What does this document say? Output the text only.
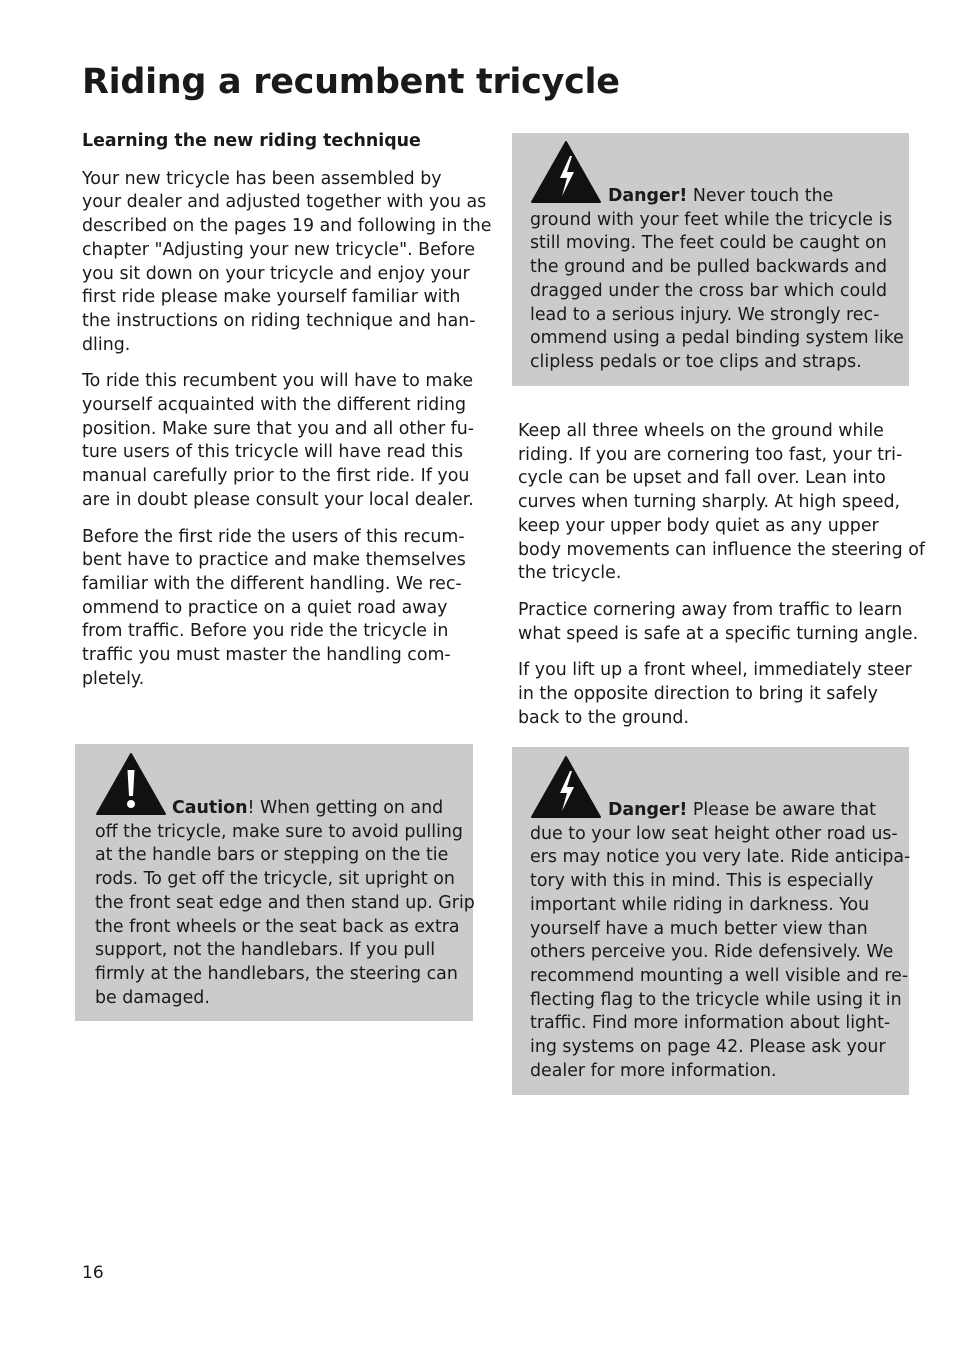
Riding a recumbent tricycle
Learning the new riding technique

Your new tricycle has been assembled by
your dealer and adjusted together with you as
described on the pages 19 and following in the
chapter "Adjusting your new tricycle". Before
you sit down on your tricycle and enjoy your
first ride please make yourself familiar with
the instructions on riding technique and han-
dling.

To ride this recumbent you will have to make
yourself acquainted with the different riding
position. Make sure that you and all other fu-
ture users of this tricycle will have read this
manual carefully prior to the first ride. If you
are in doubt please consult your local dealer.

Before the first ride the users of this recum-
bent have to practice and make themselves
familiar with the different handling. We rec-
ommend to practice on a quiet road away
from traffic. Before you ride the tricycle in
traffic you must master the handling com-
pletely.

Caution! When getting on and
off the tricycle, make sure to avoid pulling
at the handle bars or stepping on the tie
rods. To get off the tricycle, sit upright on
the front seat edge and then stand up. Grip
the front wheels or the seat back as extra
support, not the handlebars. If you pull
firmly at the handlebars, the steering can
be damaged.
Danger! Never touch the
ground with your feet while the tricycle is
still moving. The feet could be caught on
the ground and be pulled backwards and
dragged under the cross bar which could
lead to a serious injury. We strongly rec-
ommend using a pedal binding system like
clipless pedals or toe clips and straps.

Keep all three wheels on the ground while
riding. If you are cornering too fast, your tri-
cycle can be upset and fall over. Lean into
curves when turning sharply. At high speed,
keep your upper body quiet as any upper
body movements can influence the steering of
the tricycle.

Practice cornering away from traffic to learn
what speed is safe at a specific turning angle.

If you lift up a front wheel, immediately steer
in the opposite direction to bring it safely
back to the ground.

Danger! Please be aware that
due to your low seat height other road us-
ers may notice you very late. Ride anticipa-
tory with this in mind. This is especially
important while riding in darkness. You
yourself have a much better view than
others perceive you. Ride defensively. We
recommend mounting a well visible and re-
flecting flag to the tricycle while using it in
traffic. Find more information about light-
ing systems on page 42. Please ask your
dealer for more information.
16
